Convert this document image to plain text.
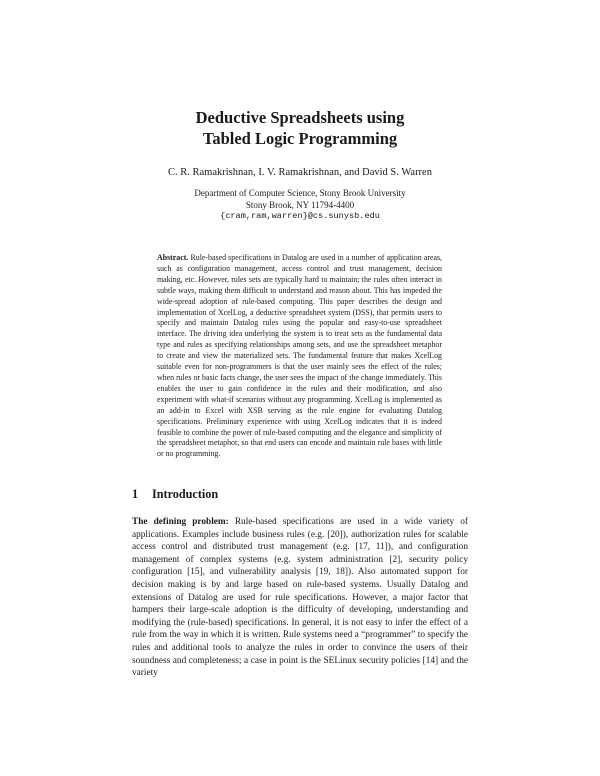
Deductive Spreadsheets using
Tabled Logic Programming
C. R. Ramakrishnan, I. V. Ramakrishnan, and David S. Warren
Department of Computer Science, Stony Brook University
Stony Brook, NY 11794-4400
{cram,ram,warren}@cs.sunysb.edu
Abstract. Rule-based specifications in Datalog are used in a number of application areas, such as configuration management, access control and trust management, decision making, etc. However, rules sets are typically hard to maintain; the rules often interact in subtle ways, making them difficult to understand and reason about. This has impeded the wide-spread adoption of rule-based computing. This paper describes the design and implementation of XcelLog, a deductive spreadsheet system (DSS), that permits users to specify and maintain Datalog rules using the popular and easy-to-use spreadsheet interface. The driving idea underlying the system is to treat sets as the fundamental data type and rules as specifying relationships among sets, and use the spreadsheet metaphor to create and view the materialized sets. The fundamental feature that makes XcelLog suitable even for non-programmers is that the user mainly sees the effect of the rules; when rules or basic facts change, the user sees the impact of the change immediately. This enables the user to gain confidence in the rules and their modification, and also experiment with what-if scenarios without any programming. XcelLog is implemented as an add-in to Excel with XSB serving as the rule engine for evaluating Datalog specifications. Preliminary experience with using XcelLog indicates that it is indeed feasible to combine the power of rule-based computing and the elegance and simplicity of the spreadsheet metaphor, so that end users can encode and maintain rule bases with little or no programming.
1 Introduction
The defining problem: Rule-based specifications are used in a wide variety of applications. Examples include business rules (e.g. [20]), authorization rules for scalable access control and distributed trust management (e.g. [17, 11]), and configuration management of complex systems (e.g. system administration [2], security policy configuration [15], and vulnerability analysis [19, 18]). Also automated support for decision making is by and large based on rule-based systems. Usually Datalog and extensions of Datalog are used for rule specifications. However, a major factor that hampers their large-scale adoption is the difficulty of developing, understanding and modifying the (rule-based) specifications. In general, it is not easy to infer the effect of a rule from the way in which it is written. Rule systems need a “programmer” to specify the rules and additional tools to analyze the rules in order to convince the users of their soundness and completeness; a case in point is the SELinux security policies [14] and the variety
